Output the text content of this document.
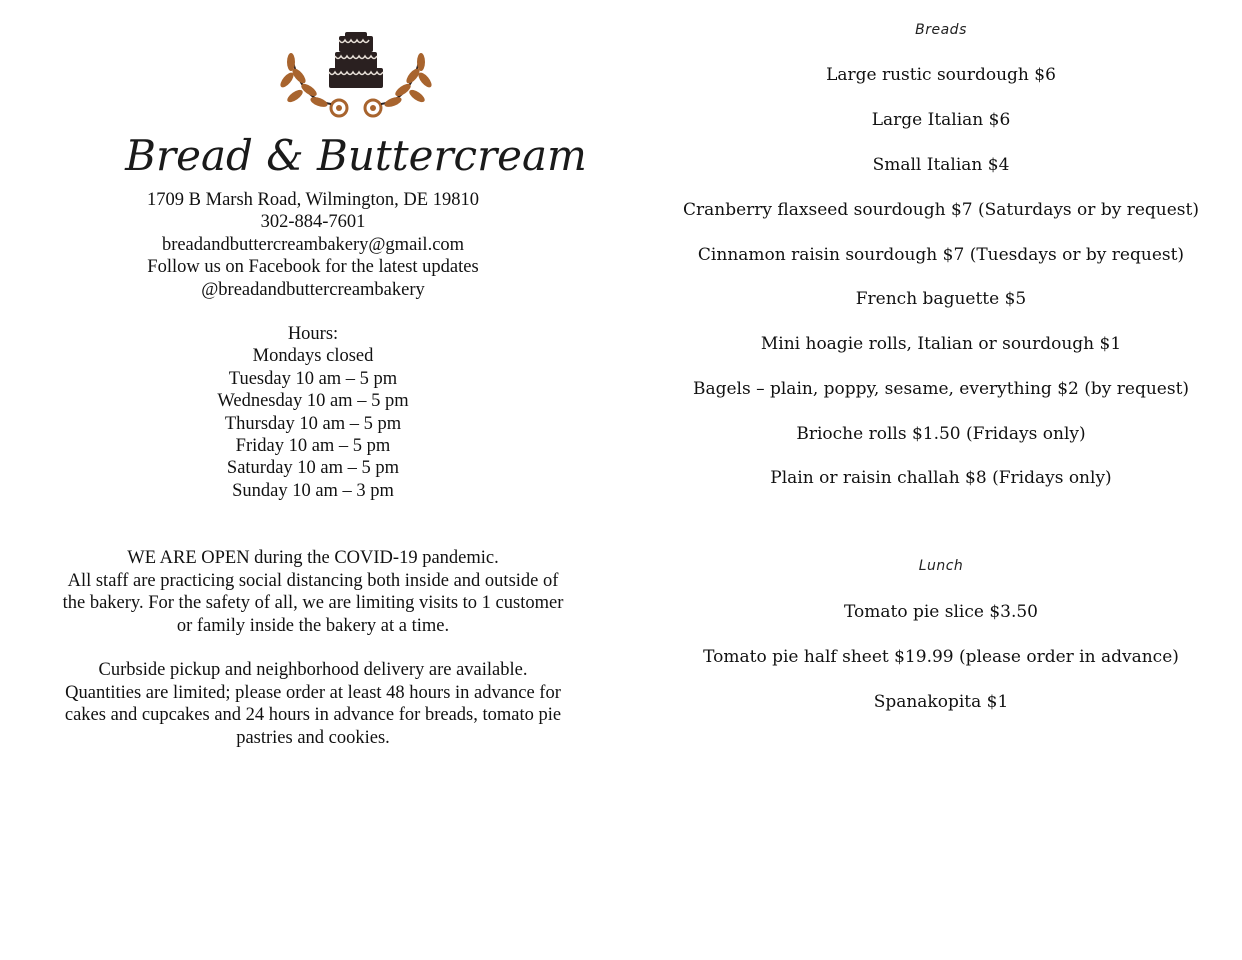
Bread & Buttercream
1709 B Marsh Road, Wilmington, DE 19810
302-884-7601
breadandbuttercreambakery@gmail.com
Follow us on Facebook for the latest updates
@breadandbuttercreambakery
Hours:
Mondays closed
Tuesday 10 am – 5 pm
Wednesday 10 am – 5 pm
Thursday 10 am – 5 pm
Friday 10 am – 5 pm
Saturday 10 am – 5 pm
Sunday 10 am – 3 pm
WE ARE OPEN during the COVID-19 pandemic.
All staff are practicing social distancing both inside and outside of
the bakery. For the safety of all, we are limiting visits to 1 customer
or family inside the bakery at a time.
Curbside pickup and neighborhood delivery are available.
Quantities are limited; please order at least 48 hours in advance for
cakes and cupcakes and 24 hours in advance for breads, tomato pie
pastries and cookies.
Breads
Large rustic sourdough $6
Large Italian $6
Small Italian $4
Cranberry flaxseed sourdough $7 (Saturdays or by request)
Cinnamon raisin sourdough $7 (Tuesdays or by request)
French baguette $5
Mini hoagie rolls, Italian or sourdough $1
Bagels – plain, poppy, sesame, everything $2 (by request)
Brioche rolls $1.50 (Fridays only)
Plain or raisin challah $8 (Fridays only)
Lunch
Tomato pie slice $3.50
Tomato pie half sheet $19.99 (please order in advance)
Spanakopita $1
